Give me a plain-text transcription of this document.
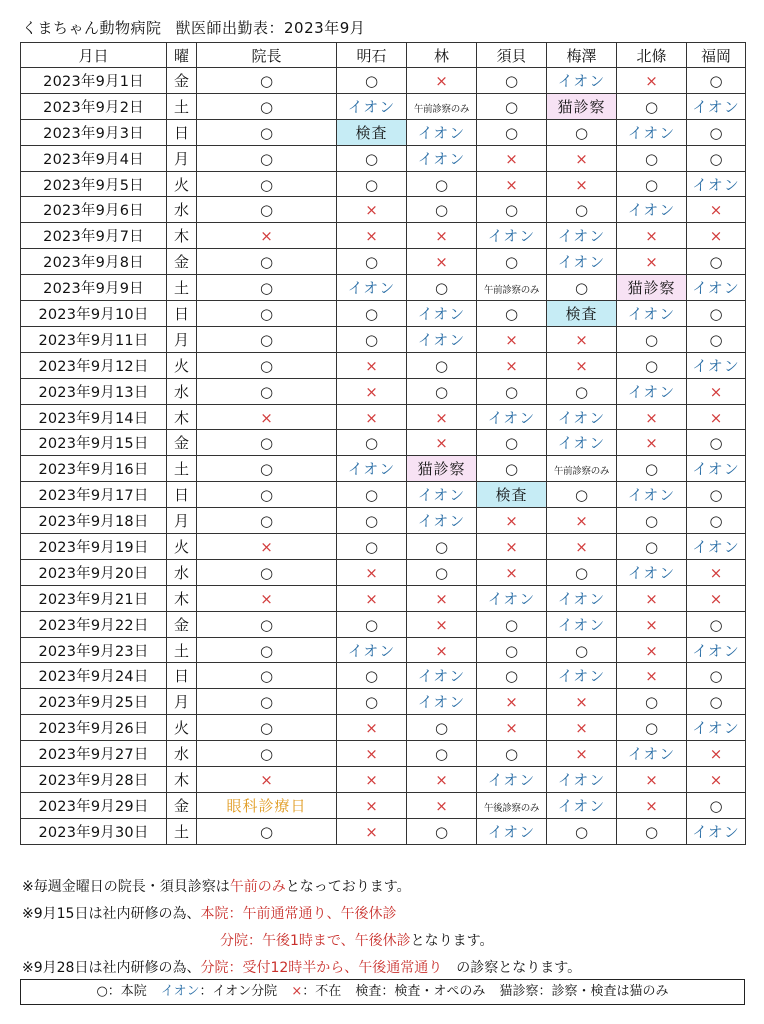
くまちゃん動物病院 獣医師出勤表：2023年9月
月日	曜	院長	明石	林	須貝	梅澤	北條	福岡
2023年9月1日	金	○	○	×	○	イオン	×	○
2023年9月2日	土	○	イオン	午前診察のみ	○	猫診察	○	イオン
2023年9月3日	日	○	検査	イオン	○	○	イオン	○
2023年9月4日	月	○	○	イオン	×	×	○	○
2023年9月5日	火	○	○	○	×	×	○	イオン
2023年9月6日	水	○	×	○	○	○	イオン	×
2023年9月7日	木	×	×	×	イオン	イオン	×	×
2023年9月8日	金	○	○	×	○	イオン	×	○
2023年9月9日	土	○	イオン	○	午前診察のみ	○	猫診察	イオン
2023年9月10日	日	○	○	イオン	○	検査	イオン	○
2023年9月11日	月	○	○	イオン	×	×	○	○
2023年9月12日	火	○	×	○	×	×	○	イオン
2023年9月13日	水	○	×	○	○	○	イオン	×
2023年9月14日	木	×	×	×	イオン	イオン	×	×
2023年9月15日	金	○	○	×	○	イオン	×	○
2023年9月16日	土	○	イオン	猫診察	○	午前診察のみ	○	イオン
2023年9月17日	日	○	○	イオン	検査	○	イオン	○
2023年9月18日	月	○	○	イオン	×	×	○	○
2023年9月19日	火	×	○	○	×	×	○	イオン
2023年9月20日	水	○	×	○	×	○	イオン	×
2023年9月21日	木	×	×	×	イオン	イオン	×	×
2023年9月22日	金	○	○	×	○	イオン	×	○
2023年9月23日	土	○	イオン	×	○	○	×	イオン
2023年9月24日	日	○	○	イオン	○	イオン	×	○
2023年9月25日	月	○	○	イオン	×	×	○	○
2023年9月26日	火	○	×	○	×	×	○	イオン
2023年9月27日	水	○	×	○	○	×	イオン	×
2023年9月28日	木	×	×	×	イオン	イオン	×	×
2023年9月29日	金	眼科診療日	×	×	午後診察のみ	イオン	×	○
2023年9月30日	土	○	×	○	イオン	○	○	イオン
※毎週金曜日の院長・須貝診察は午前のみとなっております。
※9月15日は社内研修の為、本院：午前通常通り、午後休診
分院：午後1時まで、午後休診となります。
※9月28日は社内研修の為、分院：受付12時半から、午後通常通り　の診察となります。
○：本院 イオン：イオン分院 ×：不在 検査：検査・オペのみ 猫診察：診察・検査は猫のみ
